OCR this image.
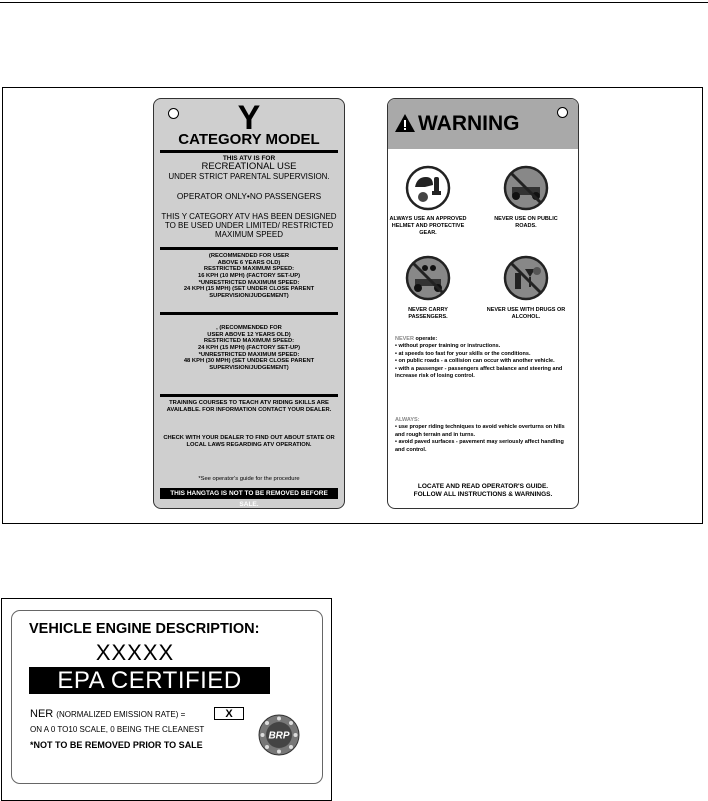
Y
CATEGORY MODEL
THIS ATV IS FOR
RECREATIONAL USE
UNDER STRICT PARENTAL SUPERVISION.
OPERATOR ONLY•NO PASSENGERS
THIS Y CATEGORY ATV HAS BEEN DESIGNED TO BE USED UNDER LIMITED/ RESTRICTED MAXIMUM SPEED
(RECOMMENDED FOR USER
ABOVE 6 YEARS OLD)
RESTRICTED MAXIMUM SPEED:
16 KPH (10 MPH) (FACTORY SET-UP)
*UNRESTRICTED MAXIMUM SPEED:
24 KPH (15 MPH) (SET UNDER CLOSE PARENT
SUPERVISION/JUDGEMENT)
, (RECOMMENDED FOR
USER ABOVE 12 YEARS OLD)
RESTRICTED MAXIMUM SPEED:
24 KPH (15 MPH) (FACTORY SET-UP)
*UNRESTRICTED MAXIMUM SPEED:
48 KPH (30 MPH) (SET UNDER CLOSE PARENT
SUPERVISION/JUDGEMENT)
TRAINING COURSES TO TEACH ATV RIDING SKILLS ARE AVAILABLE. FOR INFORMATION CONTACT YOUR DEALER.
CHECK WITH YOUR DEALER TO FIND OUT ABOUT STATE OR LOCAL LAWS REGARDING ATV OPERATION.
*See operator's guide for the procedure
THIS HANGTAG IS NOT TO BE REMOVED BEFORE SALE.
WARNING
ALWAYS USE AN APPROVED HELMET AND PROTECTIVE GEAR.
NEVER USE ON PUBLIC ROADS.
NEVER CARRY PASSENGERS.
NEVER USE WITH DRUGS OR ALCOHOL.
NEVER operate:
• without proper training or instructions.
• at speeds too fast for your skills or the conditions.
• on public roads - a collision can occur with another vehicle.
• with a passenger - passengers affect balance and steering and increase risk of losing control.
ALWAYS:
• use proper riding techniques to avoid vehicle overturns on hills and rough terrain and in turns.
• avoid paved surfaces - pavement may seriously affect handling and control.
LOCATE AND READ OPERATOR'S GUIDE.
FOLLOW ALL INSTRUCTIONS & WARNINGS.
VEHICLE ENGINE DESCRIPTION:
XXXXX
EPA CERTIFIED
NER (NORMALIZED EMISSION RATE) =	X
ON A 0 TO10 SCALE, 0 BEING THE CLEANEST
*NOT TO BE REMOVED PRIOR TO SALE
BRP
